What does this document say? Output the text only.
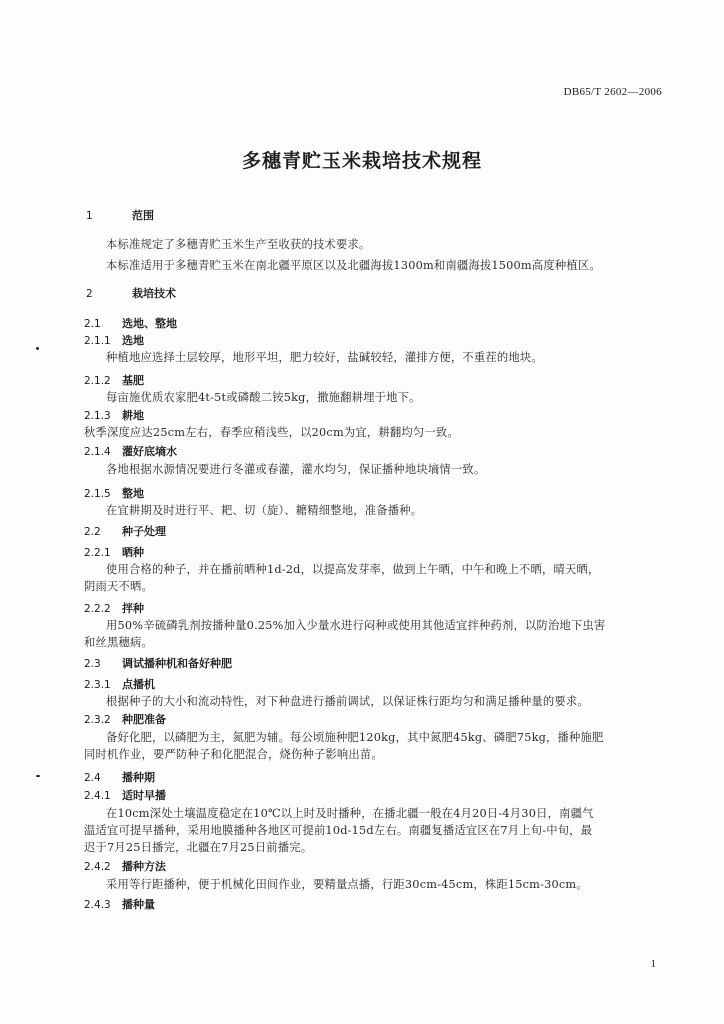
DB65/T 2602—2006
多穗青贮玉米栽培技术规程
1	范围
本标准规定了多穗青贮玉米生产至收获的技术要求。
本标准适用于多穗青贮玉米在南北疆平原区以及北疆海拔1300m和南疆海拔1500m高度种植区。
2	栽培技术
2.1 选地、整地
2.1.1 选地
种植地应选择土层较厚，地形平坦，肥力较好，盐碱较轻，灌排方便，不重茬的地块。
2.1.2 基肥
每亩施优质农家肥4t-5t或磷酸二铵5kg，撒施翻耕埋于地下。
2.1.3 耕地
秋季深度应达25cm左右，春季应稍浅些，以20cm为宜，耕翻均匀一致。
2.1.4 灌好底墒水
各地根据水源情况要进行冬灌或春灌，灌水均匀，保证播种地块墒情一致。
2.1.5 整地
在宜耕期及时进行平、耙、切（旋）、耱精细整地，准备播种。
2.2 种子处理
2.2.1 晒种
使用合格的种子，并在播前晒种1d-2d，以提高发芽率，做到上午晒，中午和晚上不晒，晴天晒，
阴雨天不晒。
2.2.2 拌种
用50%辛硫磷乳剂按播种量0.25%加入少量水进行闷种或使用其他适宜拌种药剂，以防治地下虫害
和丝黑穗病。
2.3 调试播种机和备好种肥
2.3.1 点播机
根据种子的大小和流动特性，对下种盘进行播前调试，以保证株行距均匀和满足播种量的要求。
2.3.2 种肥准备
备好化肥，以磷肥为主，氮肥为辅。每公顷施种肥120kg，其中氮肥45kg、磷肥75kg，播种施肥
同时机作业，要严防种子和化肥混合，烧伤种子影响出苗。
2.4 播种期
2.4.1 适时早播
在10cm深处土壤温度稳定在10℃以上时及时播种，在播北疆一般在4月20日-4月30日，南疆气
温适宜可提早播种，采用地膜播种各地区可提前10d-15d左右。南疆复播适宜区在7月上旬-中旬，最
迟于7月25日播完，北疆在7月25日前播完。
2.4.2 播种方法
采用等行距播种，便于机械化田间作业，要精量点播，行距30cm-45cm，株距15cm-30cm。
2.4.3 播种量
1
